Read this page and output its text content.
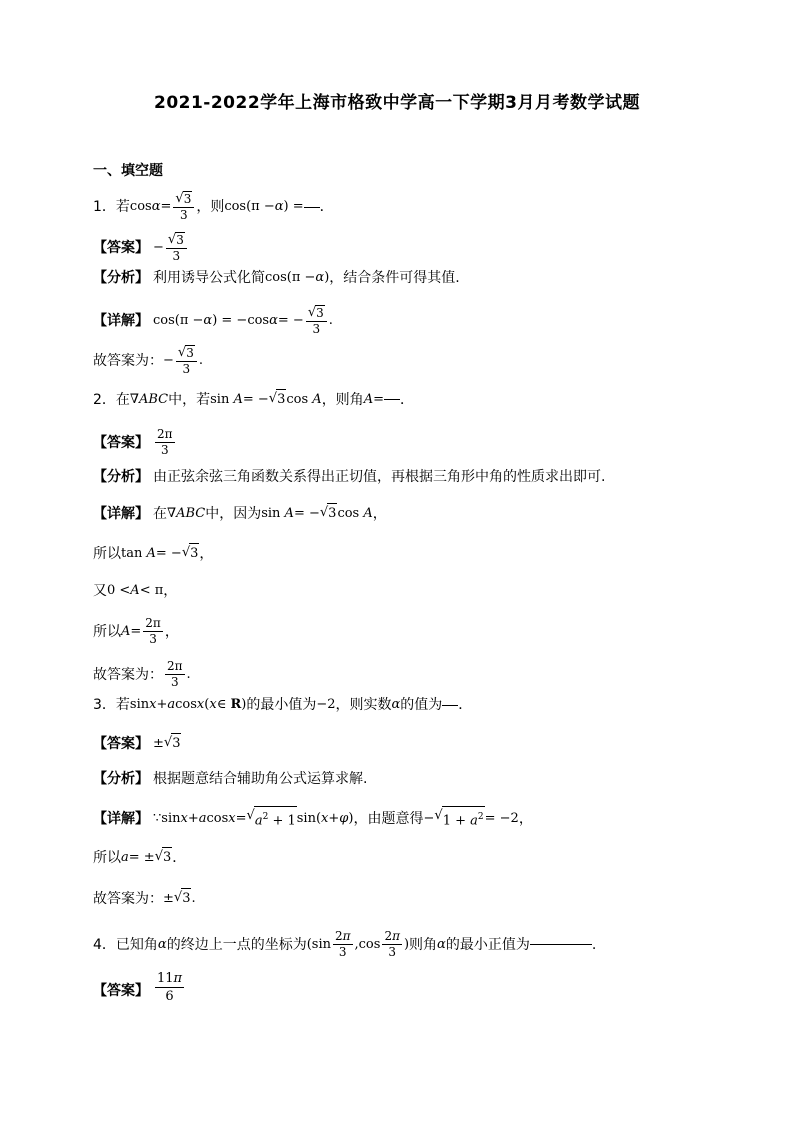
2021-2022学年上海市格致中学高一下学期3月月考数学试题
一、填空题
1． 若 $\cos \alpha = \frac{√ 3}{3}$ ，则 cos(π − α ) = ．
【答案】 − $\frac{√ 3}{3}$
【分析】 利用诱导公式化简 cos(π − α ) ，结合条件可得其值.
【详解】 cos(π − α ) = −cos α = − $\frac{√ 3}{3}$ .
故答案为： − $\frac{√ 3}{3}$ .
2． 在 ∇ ABC 中，若 sin A = − √ 3 cos A ，则角 A = ．
【答案】 $\frac{2\pi}{3}$
【分析】 由正弦余弦三角函数关系得出正切值，再根据三角形中角的性质求出即可.
【详解】 在 ∇ ABC 中，因为 sin A = − √ 3 cos A ，
所以 tan A = − √ 3 ，
又 0 < A < π ，
所以 $A = \frac{2\pi}{3}$ ，
故答案为： $\frac{2\pi}{3}$ .
3． 若 sin x + a cos x ( x ∈ R) 的最小值为 −2 ，则实数 α 的值为 ．
【答案】 ± √ 3
【分析】 根据题意结合辅助角公式运算求解.
【详解】 ∵sin x + a cos x = √ $a^2 + 1$ sin( x + φ ) ，由题意得 − √ $1 + a^2 = -2$ ，
所以 a = ± √ 3 ．
故答案为： ± √ 3 .
4． 已知角 α 的终边上一点的坐标为 ($\sin \frac{2\pi}{3} ,\cos \frac{2\pi}{3}$ ) 则角 α 的最小正值为	.
【答案】 $\frac{11\pi}{6}$
